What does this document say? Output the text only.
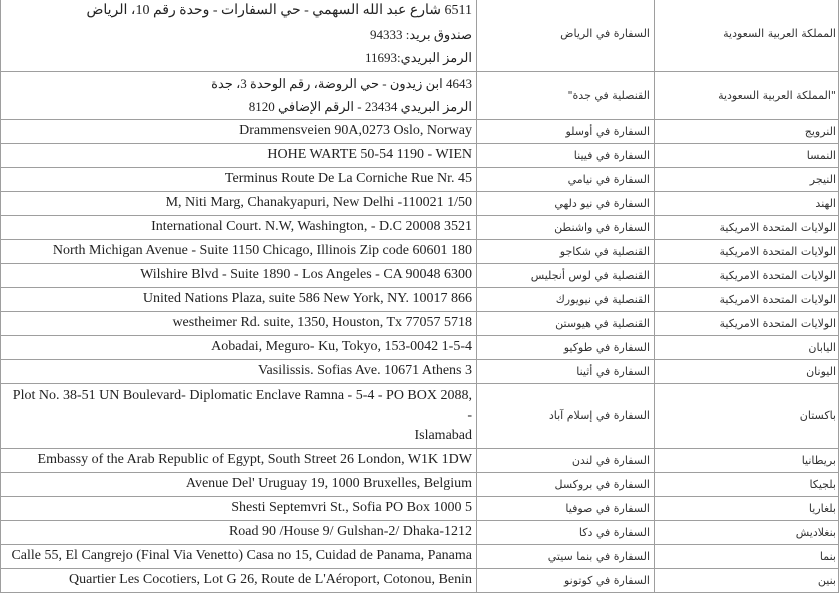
6511 شارع عبد الله السهمي - حي السفارات - وحدة رقم 10، الرياض
صندوق بريد: 94333
الرمز البريدي:11693	السفارة في الرياض	المملكة العربية السعودية

4643 ابن زيدون - حي الروضة، رقم الوحدة 3، جدة
الرمز البريدي 23434 - الرقم الإضافي 8120	القنصلية في جدة"	"المملكة العربية السعودية
Drammensveien 90A,0273 Oslo, Norway	السفارة في أوسلو	النرويج
HOHE WARTE 50-54 1190 - WIEN	السفارة في فيينا	النمسا
Terminus Route De La Corniche Rue Nr. 45	السفارة في نيامي	النيجر
M, Niti Marg, Chanakyapuri, New Delhi -110021 1/50	السفارة في نيو دلهي	الهند
International Court. N.W, Washington, - D.C 20008 3521	السفارة في واشنطن	الولايات المتحدة الامريكية
North Michigan Avenue - Suite 1150 Chicago, Illinois Zip code 60601 180	القنصلية في شكاجو	الولايات المتحدة الامريكية
Wilshire Blvd - Suite 1890 - Los Angeles - CA 90048 6300	القنصلية في لوس أنجليس	الولايات المتحدة الامريكية
United Nations Plaza, suite 586 New York, NY. 10017 866	القنصلية في نيويورك	الولايات المتحدة الامريكية
westheimer Rd. suite, 1350, Houston, Tx 77057 5718	القنصلية في هيوستن	الولايات المتحدة الامريكية
Aobadai, Meguro- Ku, Tokyo, 153-0042 1-5-4	السفارة في طوكيو	اليابان
Vasilissis. Sofias Ave. 10671 Athens 3	السفارة في أثينا	اليونان

Plot No. 38-51 UN Boulevard- Diplomatic Enclave Ramna - 5-4 - PO BOX 2088, -
Islamabad	السفارة في إسلام آباد	باكستان
Embassy of the Arab Republic of Egypt, South Street 26 London, W1K 1DW	السفارة في لندن	بريطانيا
Avenue Del' Uruguay 19, 1000 Bruxelles, Belgium	السفارة في بروكسل	بلجيكا
Shesti Septemvri St., Sofia PO Box 1000 5	السفارة في صوفيا	بلغاريا
Road 90 /House 9/ Gulshan-2/ Dhaka-1212	السفارة في دكا	بنغلاديش
Calle 55, El Cangrejo (Final Via Venetto) Casa no 15, Cuidad de Panama, Panama	السفارة في بنما سيتي	بنما
Quartier Les Cocotiers, Lot G 26, Route de L'Aéroport, Cotonou, Benin	السفارة في كوتونو	بنين
